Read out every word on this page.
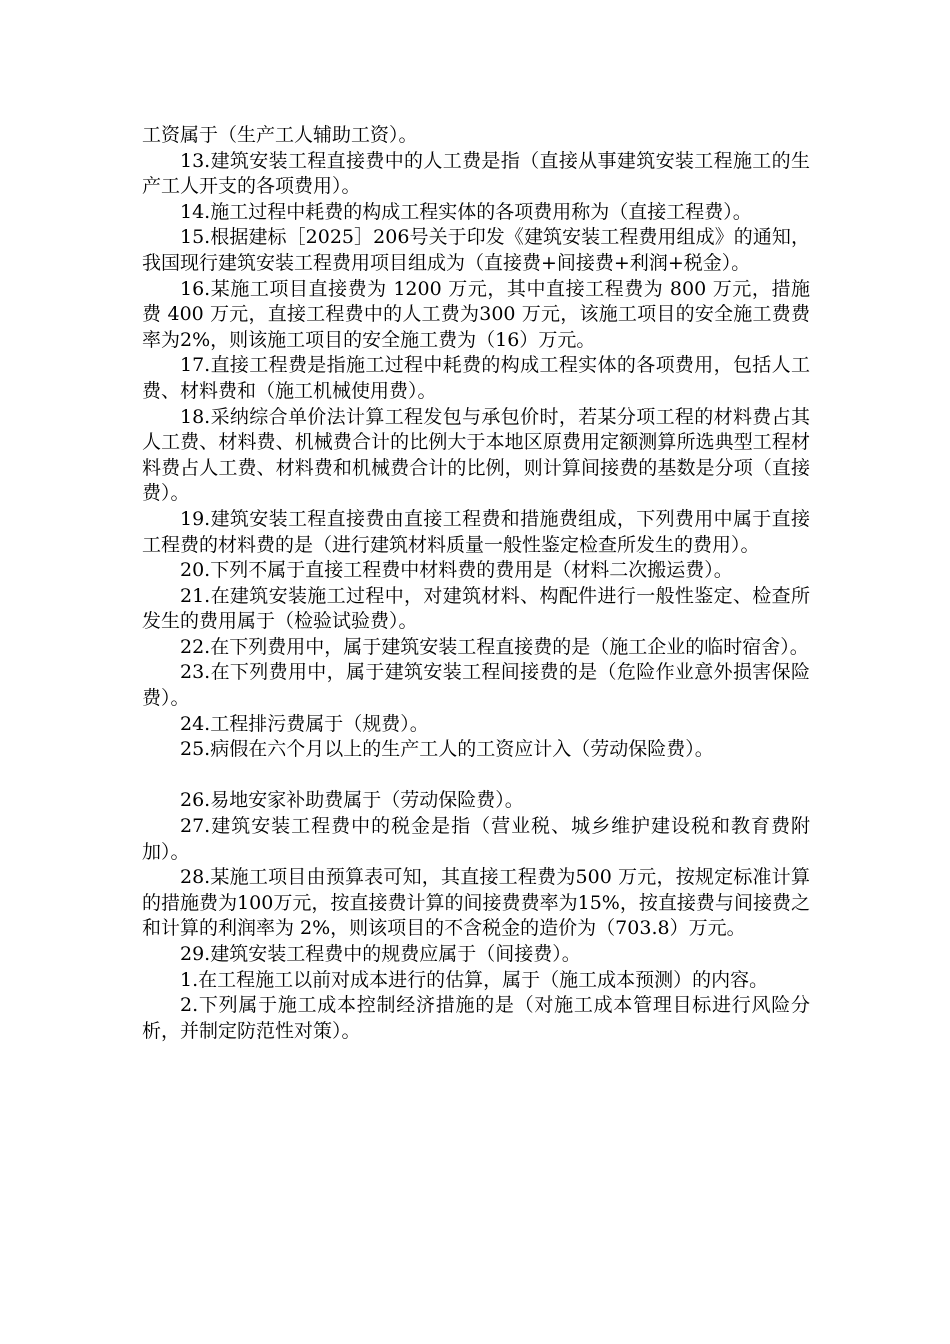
工资属于（生产工人辅助工资）。

13.建筑安装工程直接费中的人工费是指（直接从事建筑安装工程施工的生产工人开支的各项费用）。

14.施工过程中耗费的构成工程实体的各项费用称为（直接工程费）。

15.根据建标［2025］206号关于印发《建筑安装工程费用组成》的通知，我国现行建筑安装工程费用项目组成为（直接费+间接费+利润+税金）。

16.某施工项目直接费为 1200 万元，其中直接工程费为 800 万元，措施费 400 万元，直接工程费中的人工费为300 万元，该施工项目的安全施工费费率为2%，则该施工项目的安全施工费为（16）万元。

17.直接工程费是指施工过程中耗费的构成工程实体的各项费用，包括人工费、材料费和（施工机械使用费）。

18.采纳综合单价法计算工程发包与承包价时，若某分项工程的材料费占其人工费、材料费、机械费合计的比例大于本地区原费用定额测算所选典型工程材料费占人工费、材料费和机械费合计的比例，则计算间接费的基数是分项（直接费）。

19.建筑安装工程直接费由直接工程费和措施费组成，下列费用中属于直接工程费的材料费的是（进行建筑材料质量一般性鉴定检查所发生的费用）。

20.下列不属于直接工程费中材料费的费用是（材料二次搬运费）。

21.在建筑安装施工过程中，对建筑材料、构配件进行一般性鉴定、检查所发生的费用属于（检验试验费）。

22.在下列费用中，属于建筑安装工程直接费的是（施工企业的临时宿舍）。

23.在下列费用中，属于建筑安装工程间接费的是（危险作业意外损害保险费）。

24.工程排污费属于（规费）。

25.病假在六个月以上的生产工人的工资应计入（劳动保险费）。

26.易地安家补助费属于（劳动保险费）。

27.建筑安装工程费中的税金是指（营业税、城乡维护建设税和教育费附加）。

28.某施工项目由预算表可知，其直接工程费为500 万元，按规定标准计算的措施费为100万元，按直接费计算的间接费费率为15%，按直接费与间接费之和计算的利润率为 2%，则该项目的不含税金的造价为（703.8）万元。

29.建筑安装工程费中的规费应属于（间接费）。

1.在工程施工以前对成本进行的估算，属于（施工成本预测）的内容。

2.下列属于施工成本控制经济措施的是（对施工成本管理目标进行风险分析，并制定防范性对策）。
